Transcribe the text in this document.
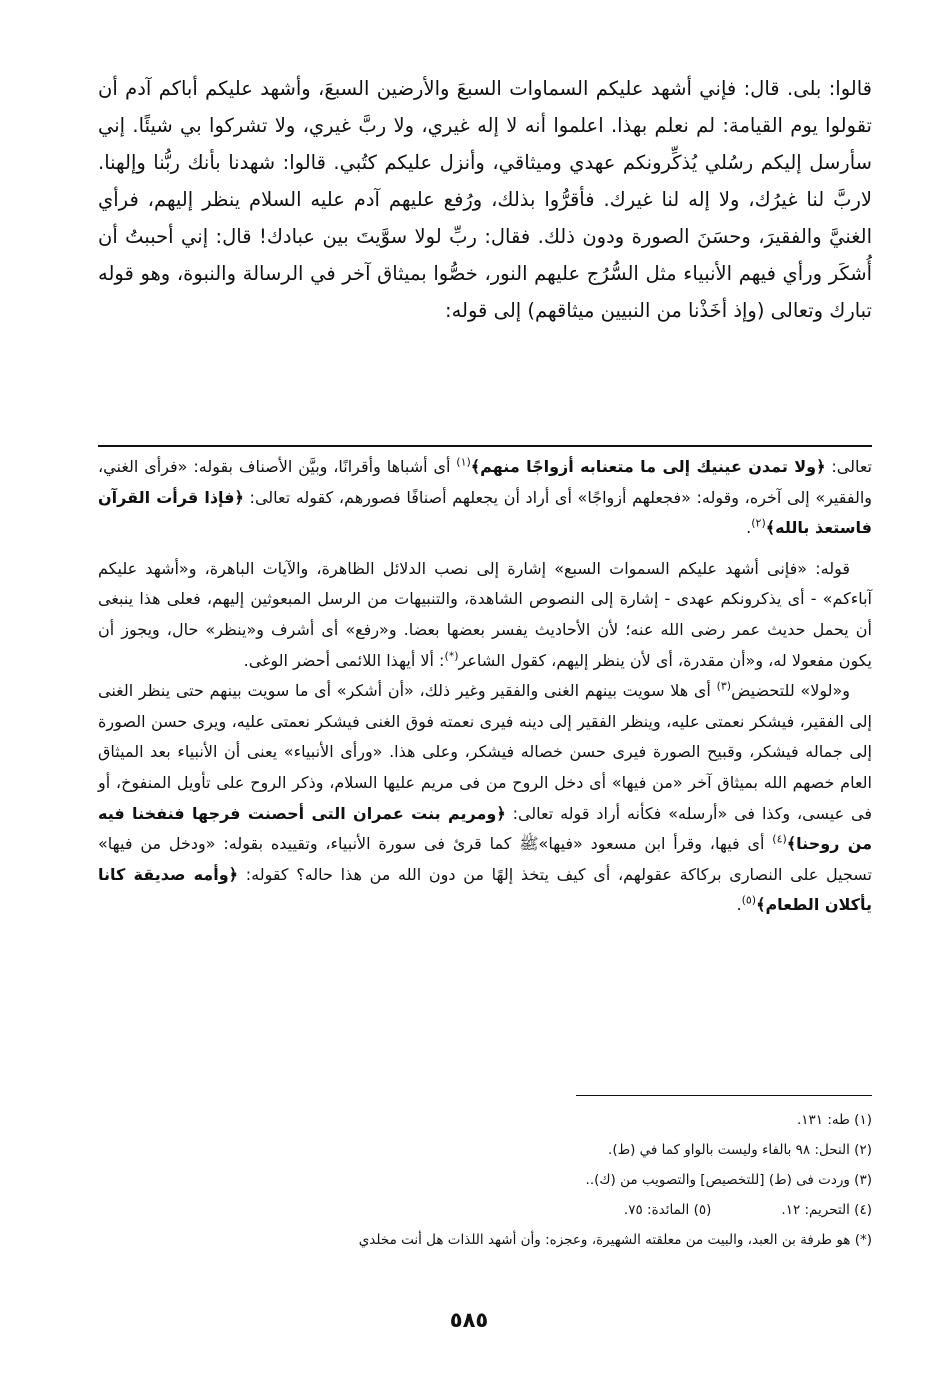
قالوا: بلى. قال: فإني أشهد عليكم السماوات السبعَ والأرضين السبعَ، وأشهد عليكم أباكم آدم أن تقولوا يوم القيامة: لم نعلم بهذا. اعلموا أنه لا إله غيري، ولا ربَّ غيري، ولا تشركوا بي شيئًا. إني سأرسل إليكم رسُلي يُذكِّرونكم عهدي وميثاقي، وأنزل عليكم كتُبي. قالوا: شهدنا بأنك ربُّنا وإلهنا. لاربَّ لنا غيرُك، ولا إله لنا غيرك. فأقرُّوا بذلك، ورُفع عليهم آدم عليه السلام ينظر إليهم، فرأي الغنيَّ والفقيرَ، وحسَنَ الصورة ودون ذلك. فقال: ربِّ لولا سوَّيتَ بين عبادك! قال: إني أحببتُ أن أُشكَر ورأي فيهم الأنبياء مثل السُّرُج عليهم النور، خصُّوا بميثاق آخر في الرسالة والنبوة، وهو قوله تبارك وتعالى (وإذ أخَذْنا من النبيين ميثاقهم) إلى قوله:

تعالى: ﴿ولا تمدن عينيك إلى ما متعنابه أزواجًا منهم﴾$^{(١)}$ أى أشباها وأقرانًا، وبيَّن الأصناف بقوله: «فرأى الغني، والفقير» إلى آخره، وقوله: «فجعلهم أزواجًا» أى أراد أن يجعلهم أصنافًا فصورهم، كقوله تعالى: ﴿فإذا قرأت القرآن فاستعذ بالله﴾$^{(٢)}$.

قوله: «فإنى أشهد عليكم السموات السبع» إشارة إلى نصب الدلائل الظاهرة، والآيات الباهرة، و«أشهد عليكم آباءكم» - أى يذكرونكم عهدى - إشارة إلى النصوص الشاهدة، والتنبيهات من الرسل المبعوثين إليهم، فعلى هذا ينبغى أن يحمل حديث عمر رضى الله عنه؛ لأن الأحاديث يفسر بعضها بعضا. و«رفع» أى أشرف و«ينظر» حال، ويجوز أن يكون مفعولا له، و«أن مقدرة، أى لأن ينظر إليهم، كقول الشاعر(*): ألا أيهذا اللائمى أحضر الوغى.

و«لولا» للتحضيض$^{(٣)}$ أى هلا سويت بينهم الغنى والفقير وغير ذلك، «أن أشكر» أى ما سويت بينهم حتى ينظر الغنى إلى الفقير، فيشكر نعمتى عليه، وينظر الفقير إلى دينه فيرى نعمته فوق الغنى فيشكر نعمتى عليه، ويرى حسن الصورة إلى جماله فيشكر، وقبيح الصورة فيرى حسن خصاله فيشكر، وعلى هذا. «ورأى الأنبياء» يعنى أن الأنبياء بعد الميثاق العام خصهم الله بميثاق آخر «من فيها» أى دخل الروح من فى مريم عليها السلام، وذكر الروح على تأويل المنفوخ، أو فى عيسى، وكذا فى «أرسله» فكأنه أراد قوله تعالى: ﴿ومريم بنت عمران التى أحصنت فرجها فنفخنا فيه من روحنا﴾$^{(٤)}$ أى فيها، وقرأ ابن مسعود «فيها»ﷺ كما قرئ فى سورة الأنبياء، وتقييده بقوله: «ودخل من فيها» تسجيل على النصارى بركاكة عقولهم، أى كيف يتخذ إلهًا من دون الله من هذا حاله؟ كقوله: ﴿وأمه صديقة كانا يأكلان الطعام﴾$^{(٥)}$.

(١) طه: ١٣١.

(٢) النحل: ٩٨ بالفاء وليست بالواو كما في (ط).

(٣) وردت فى (ط) [للتخصيص] والتصويب من (ك)..

(٤) التحريم: ١٢.(٥) المائدة: ٧٥.

(*) هو طرفة بن العبد، والبيت من معلقته الشهيرة، وعجزه: وأن أشهد اللذات هل أنت مخلدي

٥٨٥
